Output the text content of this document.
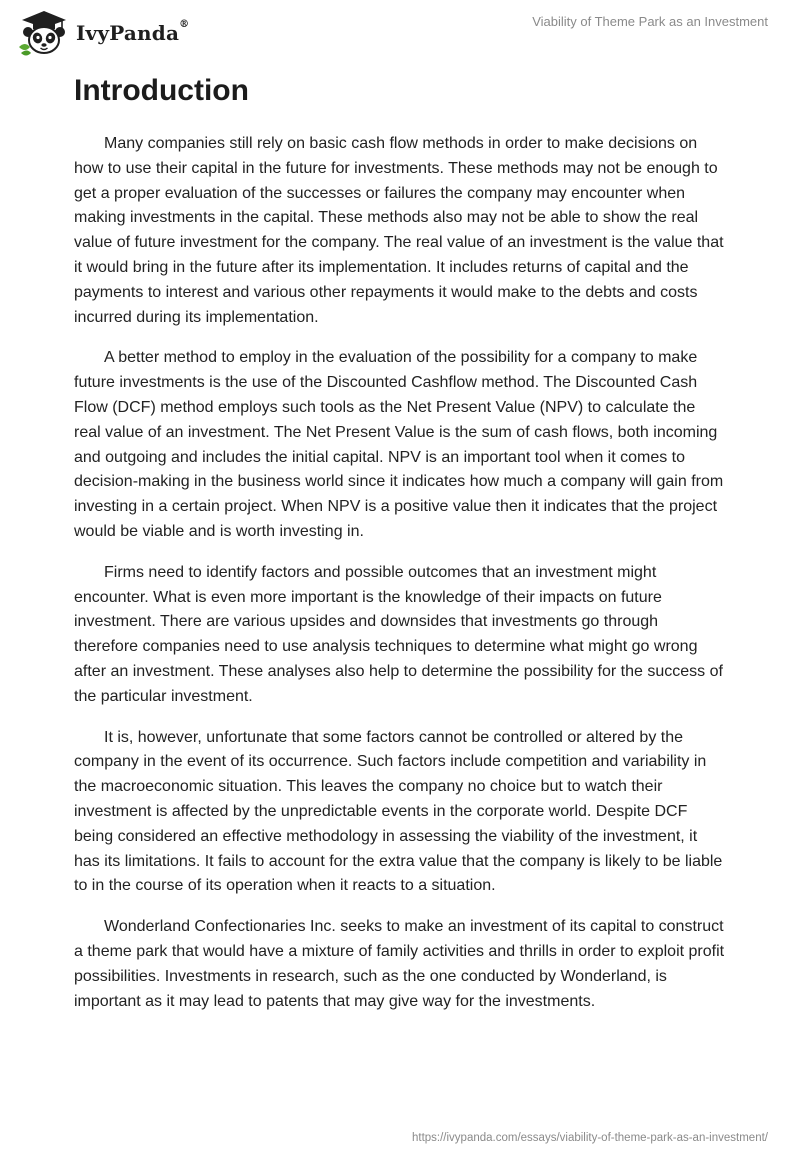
IvyPanda®	Viability of Theme Park as an Investment
Introduction

Many companies still rely on basic cash flow methods in order to make decisions on how to use their capital in the future for investments. These methods may not be enough to get a proper evaluation of the successes or failures the company may encounter when making investments in the capital. These methods also may not be able to show the real value of future investment for the company. The real value of an investment is the value that it would bring in the future after its implementation. It includes returns of capital and the payments to interest and various other repayments it would make to the debts and costs incurred during its implementation.

A better method to employ in the evaluation of the possibility for a company to make future investments is the use of the Discounted Cashflow method. The Discounted Cash Flow (DCF) method employs such tools as the Net Present Value (NPV) to calculate the real value of an investment. The Net Present Value is the sum of cash flows, both incoming and outgoing and includes the initial capital. NPV is an important tool when it comes to decision-making in the business world since it indicates how much a company will gain from investing in a certain project. When NPV is a positive value then it indicates that the project would be viable and is worth investing in.

Firms need to identify factors and possible outcomes that an investment might encounter. What is even more important is the knowledge of their impacts on future investment. There are various upsides and downsides that investments go through therefore companies need to use analysis techniques to determine what might go wrong after an investment. These analyses also help to determine the possibility for the success of the particular investment.

It is, however, unfortunate that some factors cannot be controlled or altered by the company in the event of its occurrence. Such factors include competition and variability in the macroeconomic situation. This leaves the company no choice but to watch their investment is affected by the unpredictable events in the corporate world. Despite DCF being considered an effective methodology in assessing the viability of the investment, it has its limitations. It fails to account for the extra value that the company is likely to be liable to in the course of its operation when it reacts to a situation.

Wonderland Confectionaries Inc. seeks to make an investment of its capital to construct a theme park that would have a mixture of family activities and thrills in order to exploit profit possibilities. Investments in research, such as the one conducted by Wonderland, is important as it may lead to patents that may give way for the investments.

https://ivypanda.com/essays/viability-of-theme-park-as-an-investment/
